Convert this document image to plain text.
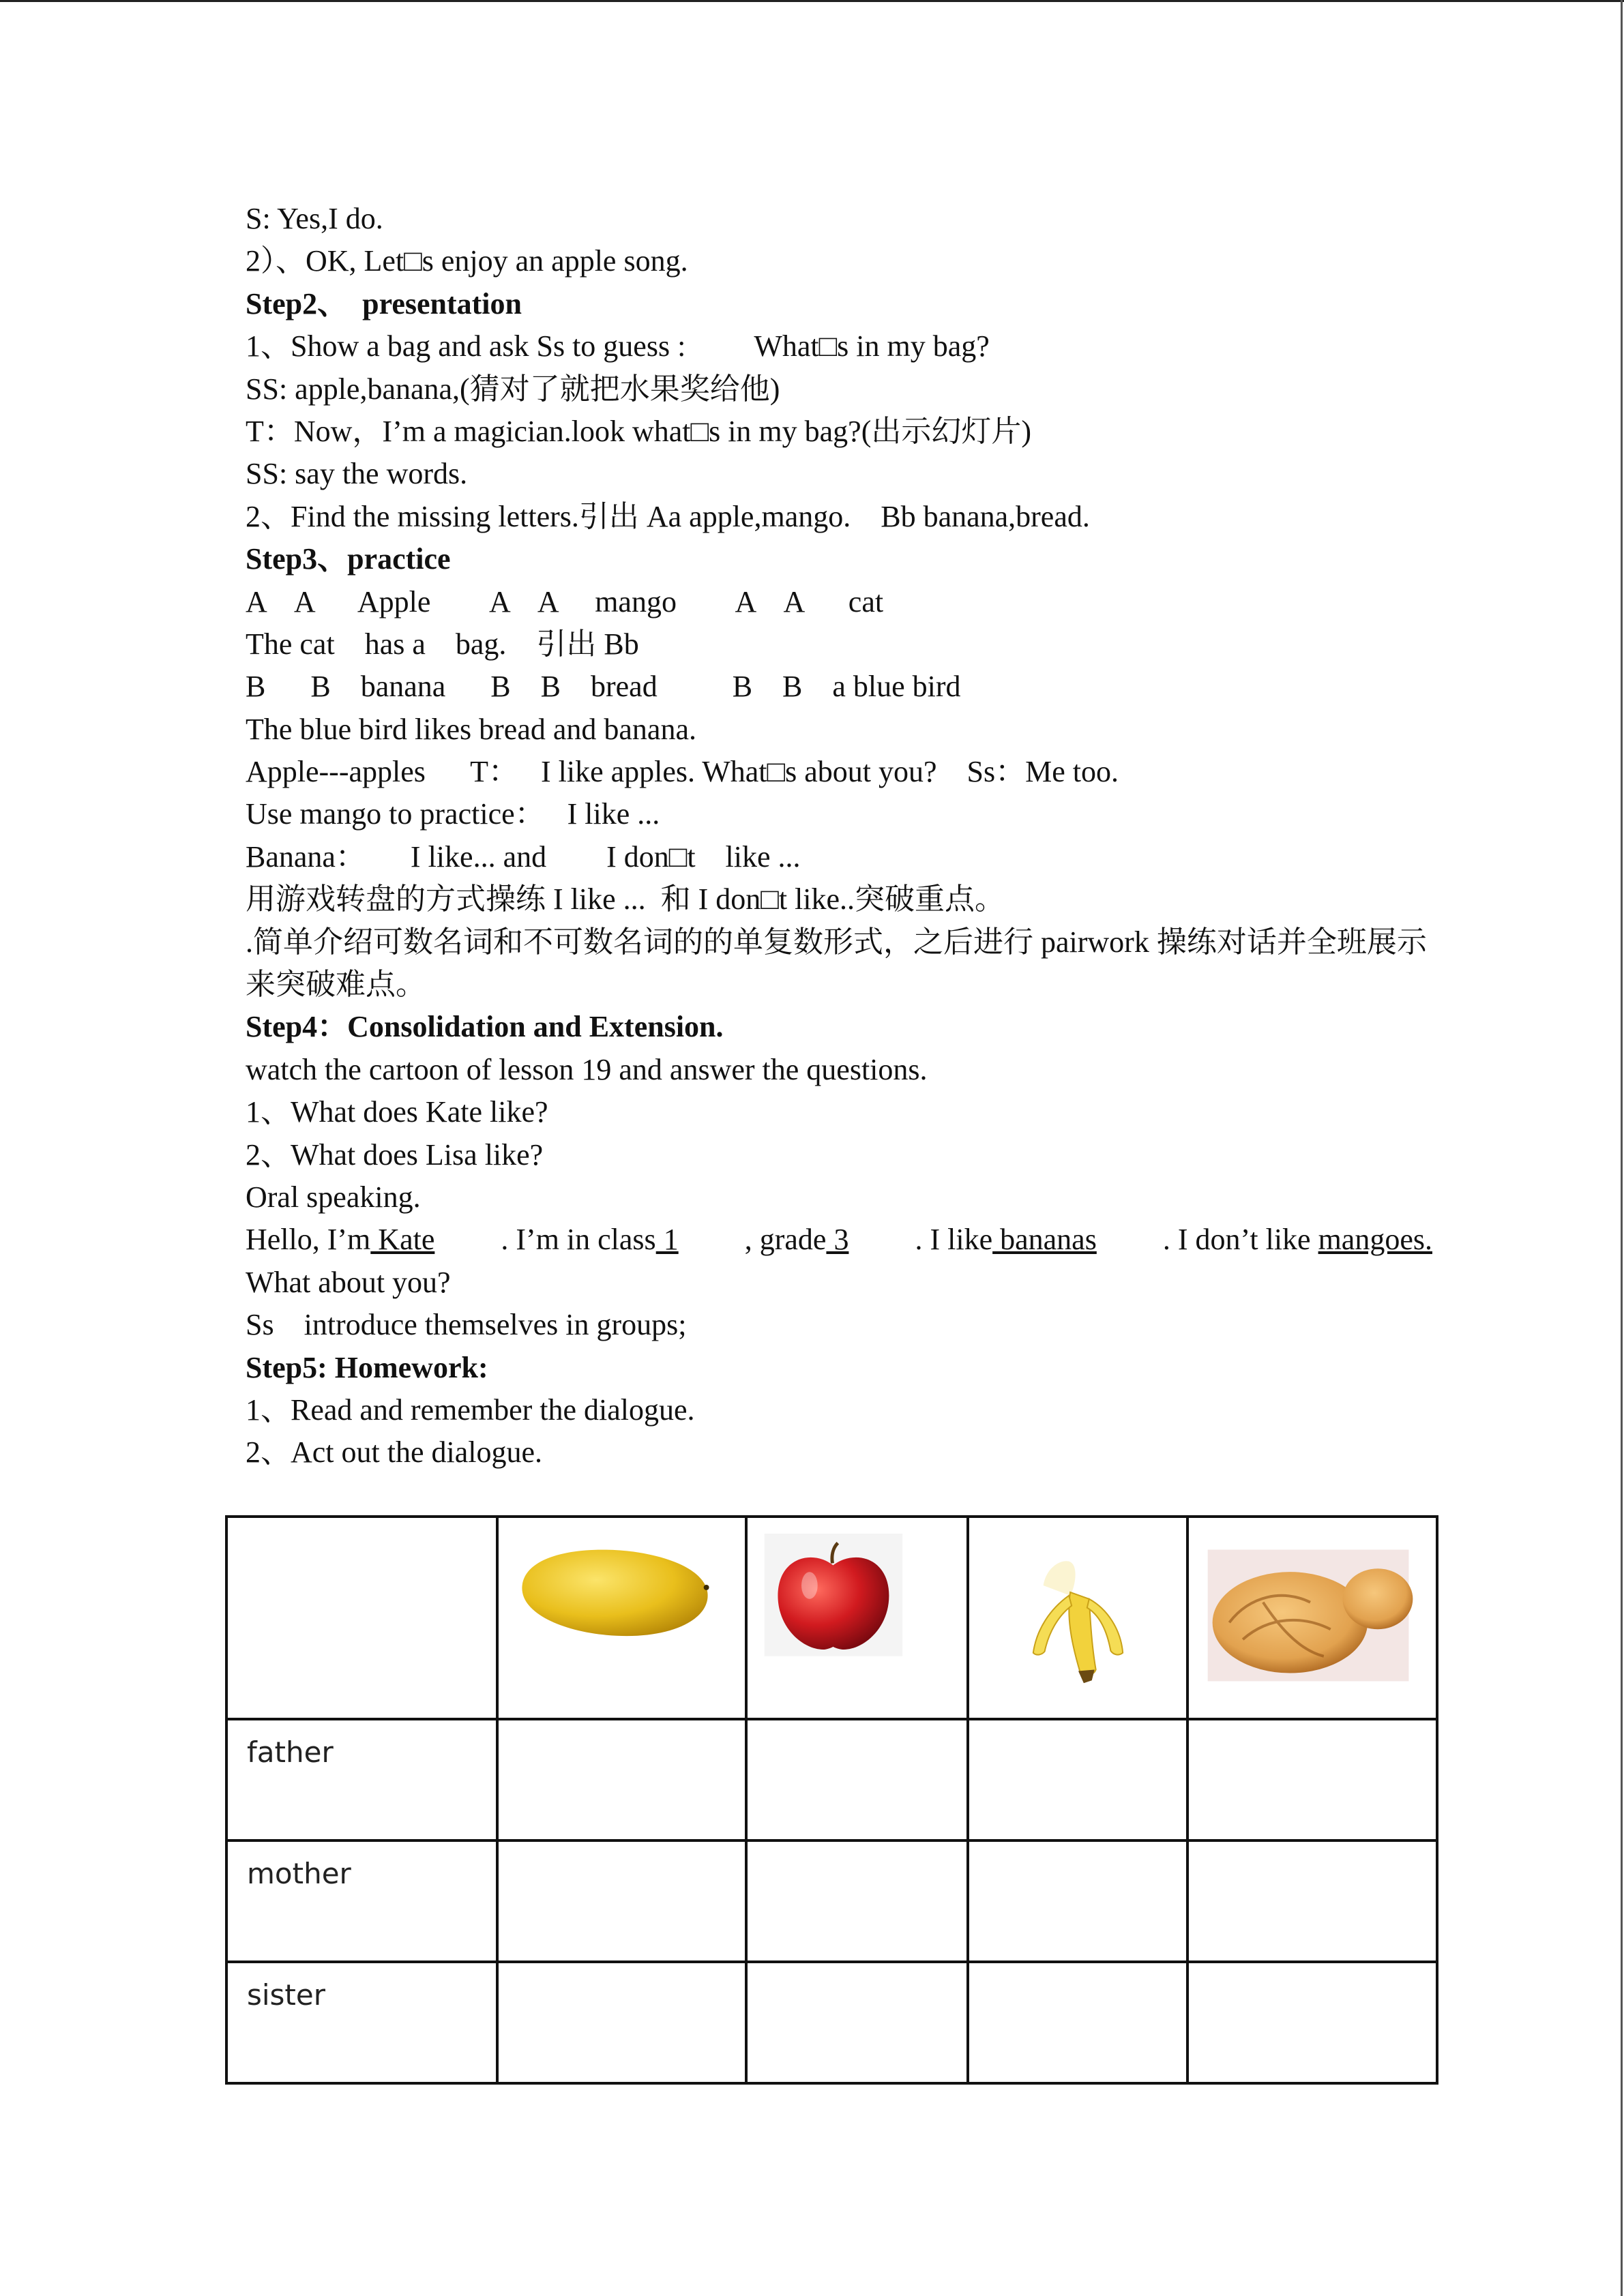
S: Yes,I do.
2）、OK, Let□s enjoy an apple song.
Step2、  presentation
1、Show a bag and ask Ss to guess : What□s in my bag?
SS: apple,banana,(猜对了就把水果奖给他)
T：Now，I’m a magician.look what□s in my bag?(出示幻灯片)
SS: say the words.
2、Find the missing letters.引出 Aa apple,mango.    Bb banana,bread.
Step3、practice
A    A      Apple        A    A     mango        A    A      cat
The cat    has a    bag.    引出 Bb
B      B    banana      B    B    bread          B    B    a blue bird
The blue bird likes bread and banana.
Apple---apples      T：   I like apples. What□s about you?    Ss：Me too.
Use mango to practice：   I like ...
Banana：      I like... and        I don□t    like ...
用游戏转盘的方式操练 I like ...  和 I don□t like..突破重点。
.简单介绍可数名词和不可数名词的的单复数形式，之后进行 pairwork 操练对话并全班展示来突破难点。
Step4：Consolidation and Extension.
watch the cartoon of lesson 19 and answer the questions.
1、What does Kate like?
2、What does Lisa like?
Oral speaking.
Hello, I’m Kate . I’m in class 1 , grade 3 . I like bananas . I don’t like mangoes.
What about you?
Ss    introduce themselves in groups;
Step5: Homework:
1、Read and remember the dialogue.
2、Act out the dialogue.

father				

mother				

sister				
